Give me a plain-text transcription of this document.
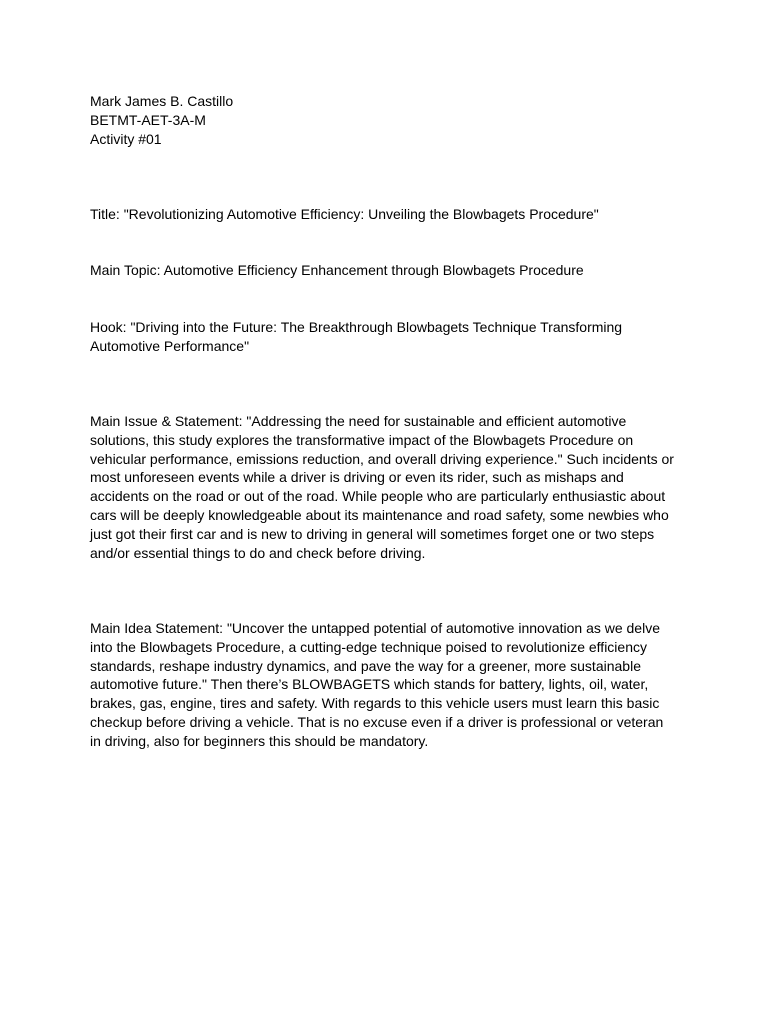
Mark James B. Castillo
BETMT-AET-3A-M
Activity #01

Title: "Revolutionizing Automotive Efficiency: Unveiling the Blowbagets Procedure"

Main Topic: Automotive Efficiency Enhancement through Blowbagets Procedure

Hook: "Driving into the Future: The Breakthrough Blowbagets Technique Transforming Automotive Performance"

Main Issue & Statement: "Addressing the need for sustainable and efficient automotive solutions, this study explores the transformative impact of the Blowbagets Procedure on vehicular performance, emissions reduction, and overall driving experience." Such incidents or most unforeseen events while a driver is driving or even its rider, such as mishaps and accidents on the road or out of the road. While people who are particularly enthusiastic about cars will be deeply knowledgeable about its maintenance and road safety, some newbies who just got their first car and is new to driving in general will sometimes forget one or two steps and/or essential things to do and check before driving.

Main Idea Statement: "Uncover the untapped potential of automotive innovation as we delve into the Blowbagets Procedure, a cutting-edge technique poised to revolutionize efficiency standards, reshape industry dynamics, and pave the way for a greener, more sustainable automotive future." Then there’s BLOWBAGETS which stands for battery, lights, oil, water, brakes, gas, engine, tires and safety. With regards to this vehicle users must learn this basic checkup before driving a vehicle. That is no excuse even if a driver is professional or veteran in driving, also for beginners this should be mandatory.
